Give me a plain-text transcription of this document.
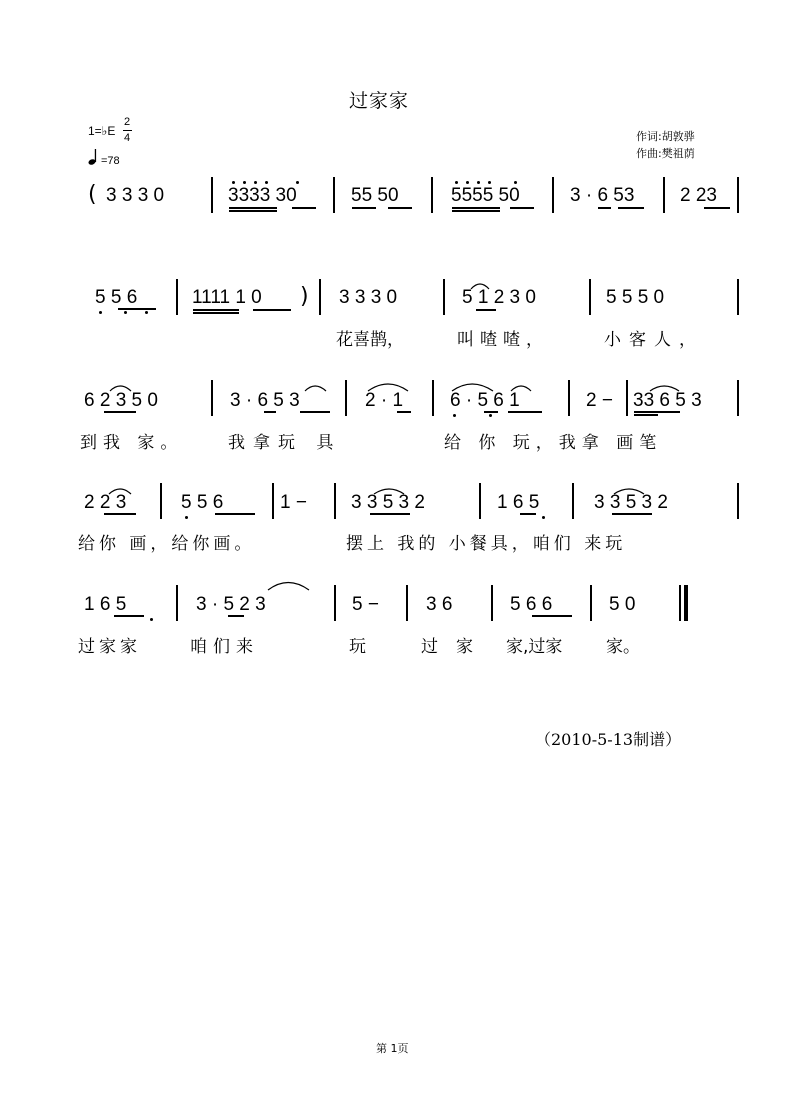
过家家
1=♭E
2
4
=78
作词:胡敦骅
作曲:樊祖荫
( 3 3 3 0	3333 30	55 50	5555 50	3 · 6 53 2 23
5 5 6	1111 1 0 ) 3 3 3 0	5 1 2 3 0	5 5 5 0
花喜鹊，	叫喳喳，	小客人，
6 2 3 5 0	3 · 6 5 3	2 · 1 6 · 5 6 1	2 − 33 6 5 3
到我 家。	我拿玩 具	给 你 玩，我拿 画笔
2 2 3	5 5 6	1 − 3 3 5 3 2	1 6 5	3 3 5 3 2
给你 画，给你画。	摆上 我的 小餐具，咱们 来玩
1 6 5	3 · 5 2 3	5 − 3 6	5 6 6	5 0
过家家	咱们来	玩	过家 家,过家	家。
（2010-5-13制谱）
第 1页
